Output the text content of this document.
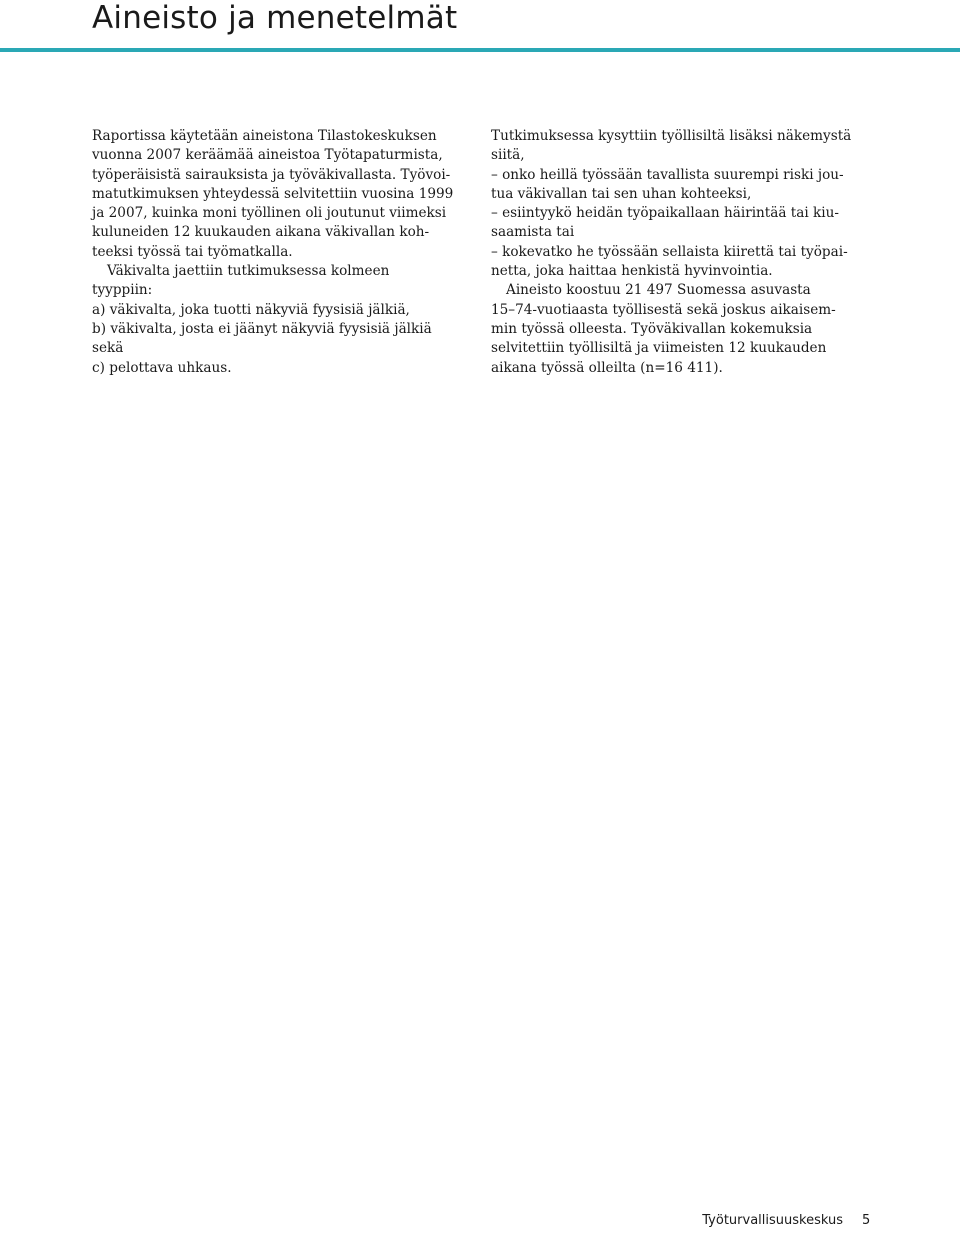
Aineisto ja menetelmät
Raportissa käytetään aineistona Tilastokeskuksen
vuonna 2007 keräämää aineistoa Työtapaturmista,
työperäisistä sairauksista ja työväkivallasta. Työvoi-
matutkimuksen yhteydessä selvitettiin vuosina 1999
ja 2007, kuinka moni työllinen oli joutunut viimeksi
kuluneiden 12 kuukauden aikana väkivallan koh-
teeksi työssä tai työmatkalla.
Väkivalta jaettiin tutkimuksessa kolmeen
tyyppiin:
a) väkivalta, joka tuotti näkyviä fyysisiä jälkiä,
b) väkivalta, josta ei jäänyt näkyviä fyysisiä jälkiä
sekä
c) pelottava uhkaus.
Tutkimuksessa kysyttiin työllisiltä lisäksi näkemystä
siitä,
– onko heillä työssään tavallista suurempi riski jou-
tua väkivallan tai sen uhan kohteeksi,
– esiintyykö heidän työpaikallaan häirintää tai kiu-
saamista tai
– kokevatko he työssään sellaista kiirettä tai työpai-
netta, joka haittaa henkistä hyvinvointia.
Aineisto koostuu 21 497 Suomessa asuvasta
15–74-vuotiaasta työllisestä sekä joskus aikaisem-
min työssä olleesta. Työväkivallan kokemuksia
selvitettiin työllisiltä ja viimeisten 12 kuukauden
aikana työssä olleilta (n=16 411).
Työturvallisuuskeskus 5
